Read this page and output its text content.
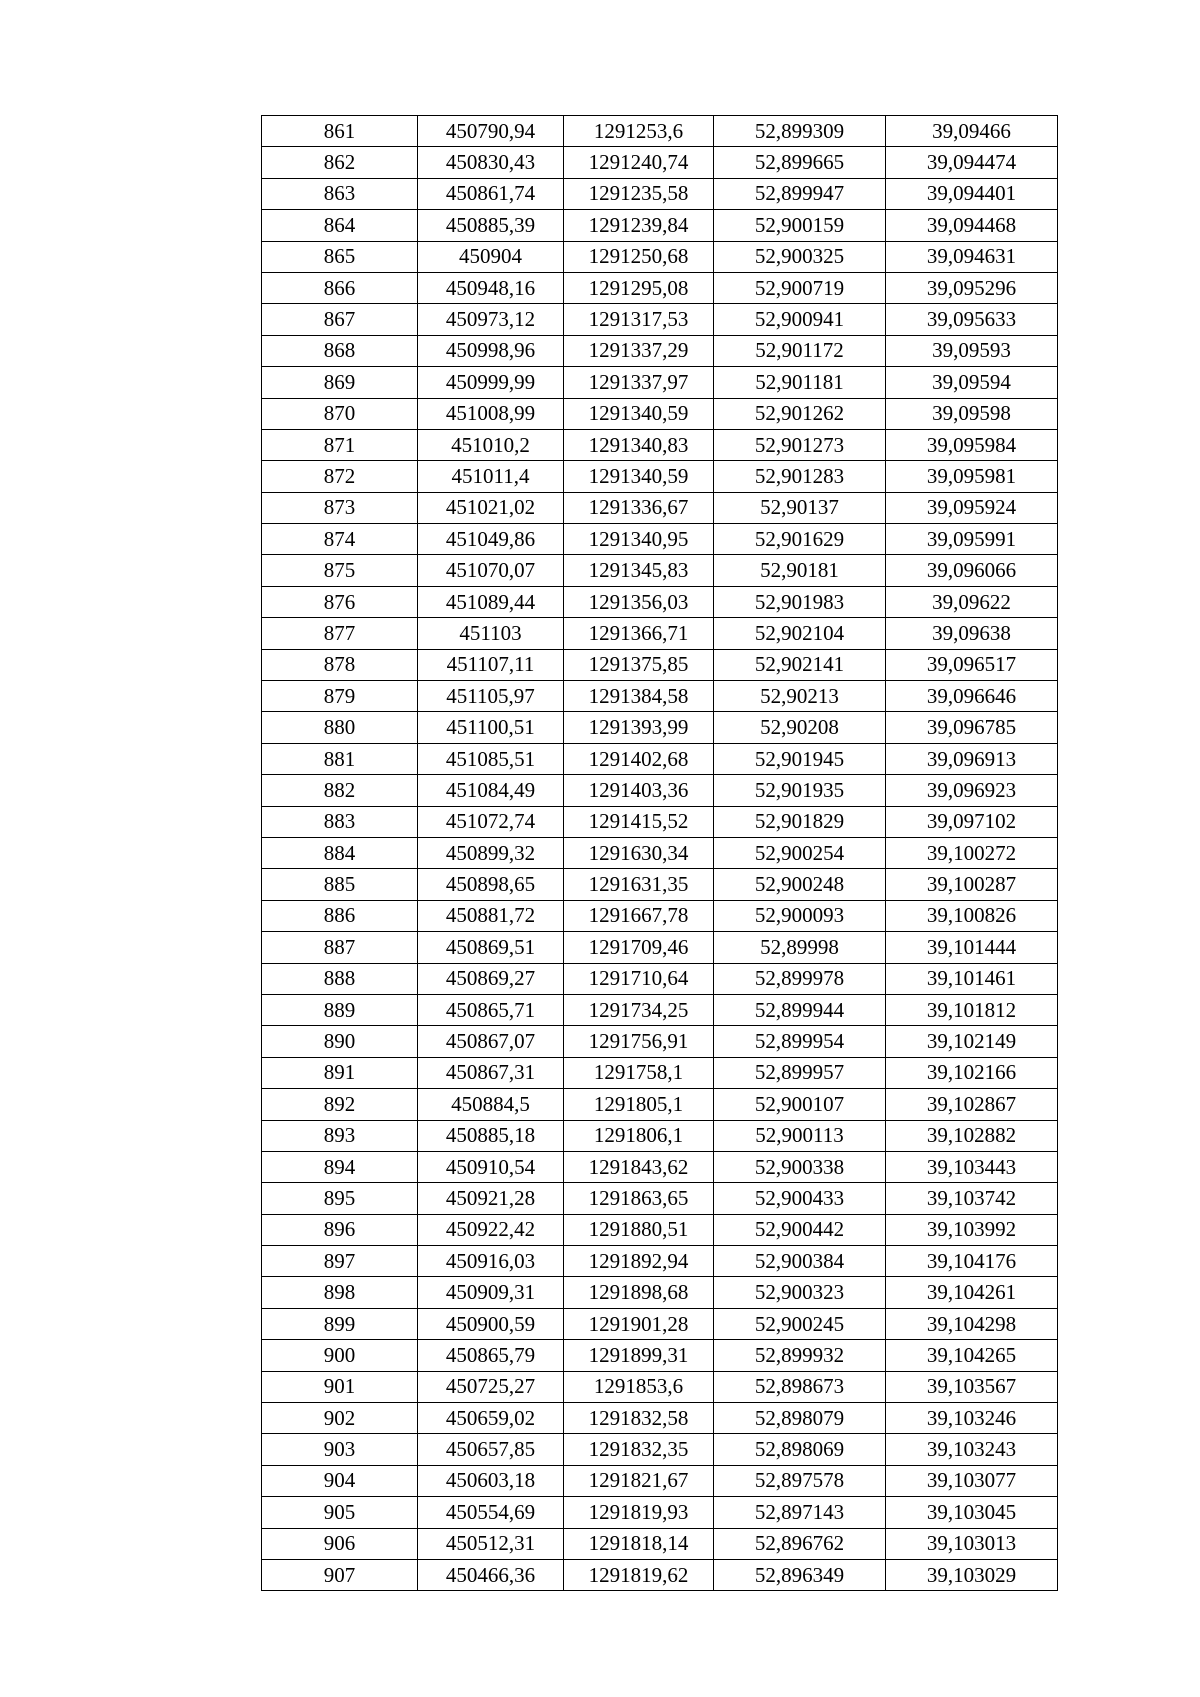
861	450790,94	1291253,6	52,899309	39,09466
862	450830,43	1291240,74	52,899665	39,094474
863	450861,74	1291235,58	52,899947	39,094401
864	450885,39	1291239,84	52,900159	39,094468
865	450904	1291250,68	52,900325	39,094631
866	450948,16	1291295,08	52,900719	39,095296
867	450973,12	1291317,53	52,900941	39,095633
868	450998,96	1291337,29	52,901172	39,09593
869	450999,99	1291337,97	52,901181	39,09594
870	451008,99	1291340,59	52,901262	39,09598
871	451010,2	1291340,83	52,901273	39,095984
872	451011,4	1291340,59	52,901283	39,095981
873	451021,02	1291336,67	52,90137	39,095924
874	451049,86	1291340,95	52,901629	39,095991
875	451070,07	1291345,83	52,90181	39,096066
876	451089,44	1291356,03	52,901983	39,09622
877	451103	1291366,71	52,902104	39,09638
878	451107,11	1291375,85	52,902141	39,096517
879	451105,97	1291384,58	52,90213	39,096646
880	451100,51	1291393,99	52,90208	39,096785
881	451085,51	1291402,68	52,901945	39,096913
882	451084,49	1291403,36	52,901935	39,096923
883	451072,74	1291415,52	52,901829	39,097102
884	450899,32	1291630,34	52,900254	39,100272
885	450898,65	1291631,35	52,900248	39,100287
886	450881,72	1291667,78	52,900093	39,100826
887	450869,51	1291709,46	52,89998	39,101444
888	450869,27	1291710,64	52,899978	39,101461
889	450865,71	1291734,25	52,899944	39,101812
890	450867,07	1291756,91	52,899954	39,102149
891	450867,31	1291758,1	52,899957	39,102166
892	450884,5	1291805,1	52,900107	39,102867
893	450885,18	1291806,1	52,900113	39,102882
894	450910,54	1291843,62	52,900338	39,103443
895	450921,28	1291863,65	52,900433	39,103742
896	450922,42	1291880,51	52,900442	39,103992
897	450916,03	1291892,94	52,900384	39,104176
898	450909,31	1291898,68	52,900323	39,104261
899	450900,59	1291901,28	52,900245	39,104298
900	450865,79	1291899,31	52,899932	39,104265
901	450725,27	1291853,6	52,898673	39,103567
902	450659,02	1291832,58	52,898079	39,103246
903	450657,85	1291832,35	52,898069	39,103243
904	450603,18	1291821,67	52,897578	39,103077
905	450554,69	1291819,93	52,897143	39,103045
906	450512,31	1291818,14	52,896762	39,103013
907	450466,36	1291819,62	52,896349	39,103029
